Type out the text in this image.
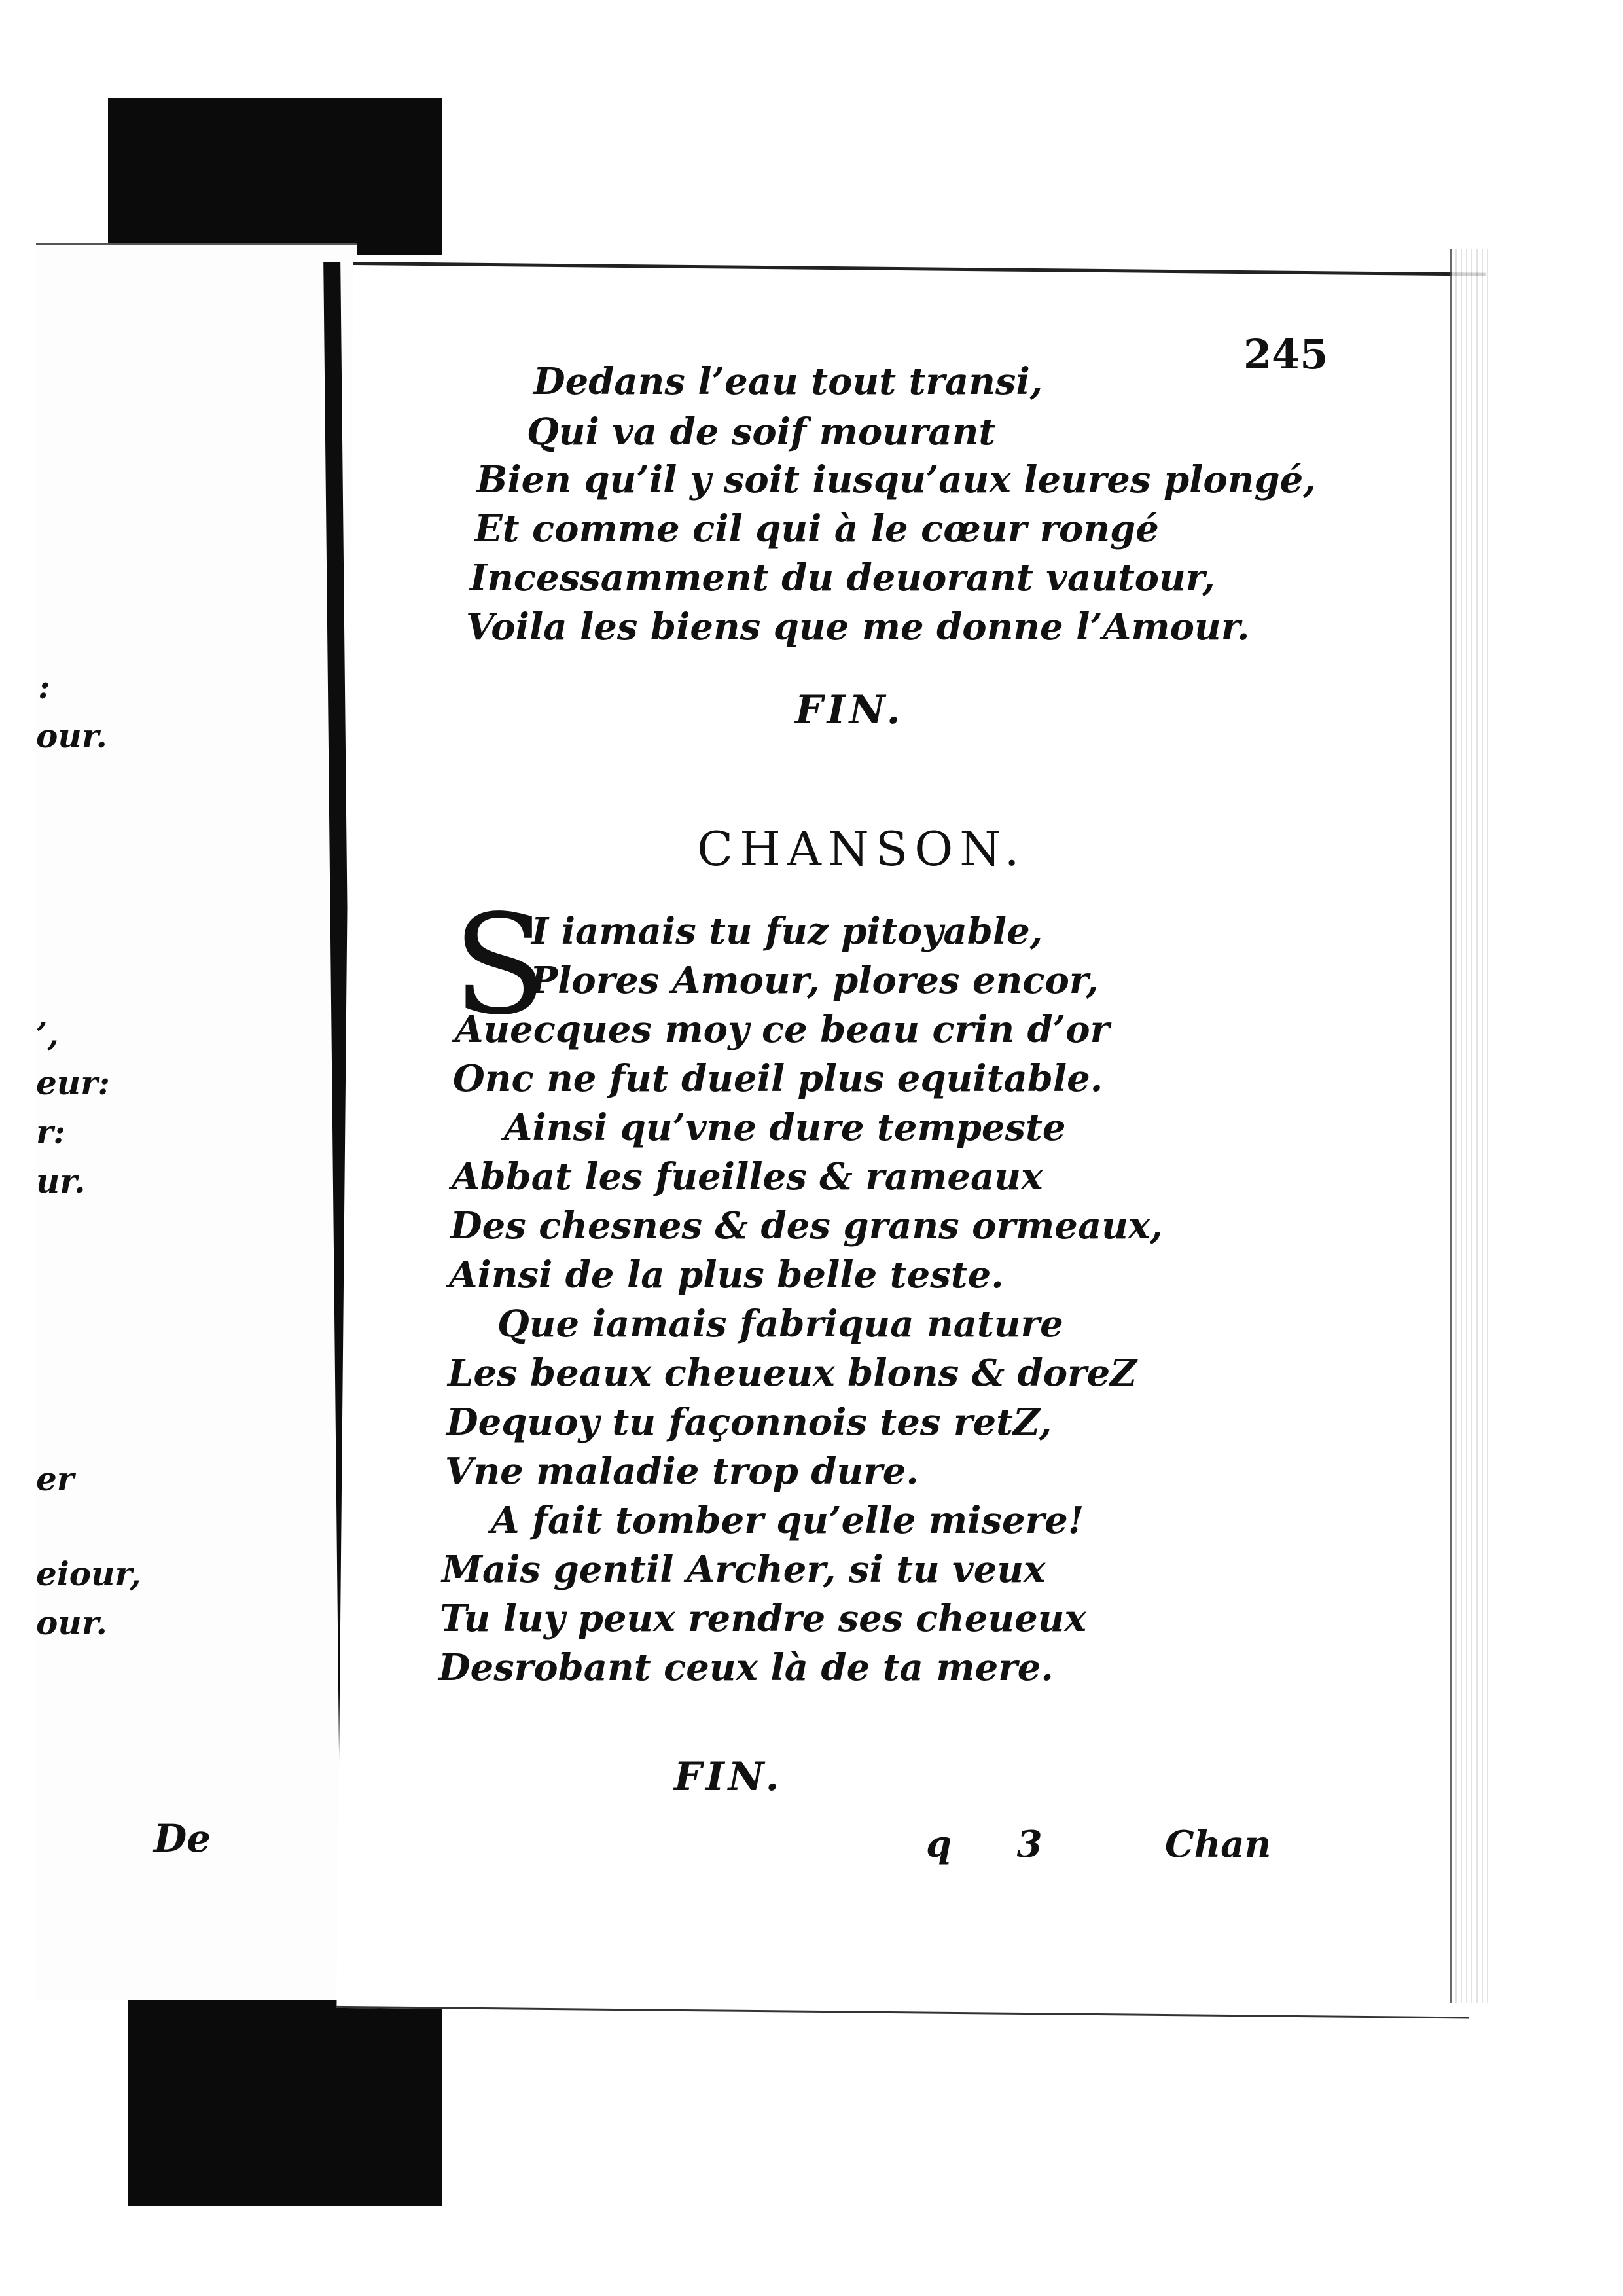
:
our.
’,
eur:
r:
ur.
er
eiour,
our.
De
245
Dedans l’eau tout transi,
Qui va de soif mourant
Bien qu’il y soit iusqu’aux leures plongé,
Et comme cil qui à le cœur rongé
Incessamment du deuorant vautour,
Voila les biens que me donne l’Amour.
FIN.
CHANSON.
S
I iamais tu fuz pitoyable,
Plores Amour, plores encor,
Auecques moy ce beau crin d’or
Onc ne fut dueil plus equitable.
Ainsi qu’vne dure tempeste
Abbat les fueilles & rameaux
Des chesnes & des grans ormeaux,
Ainsi de la plus belle teste.
Que iamais fabriqua nature
Les beaux cheueux blons & doreZ
Dequoy tu façonnois tes retZ,
Vne maladie trop dure.
A fait tomber qu’elle misere!
Mais gentil Archer, si tu veux
Tu luy peux rendre ses cheueux
Desrobant ceux là de ta mere.
FIN.
q 3	Chan
